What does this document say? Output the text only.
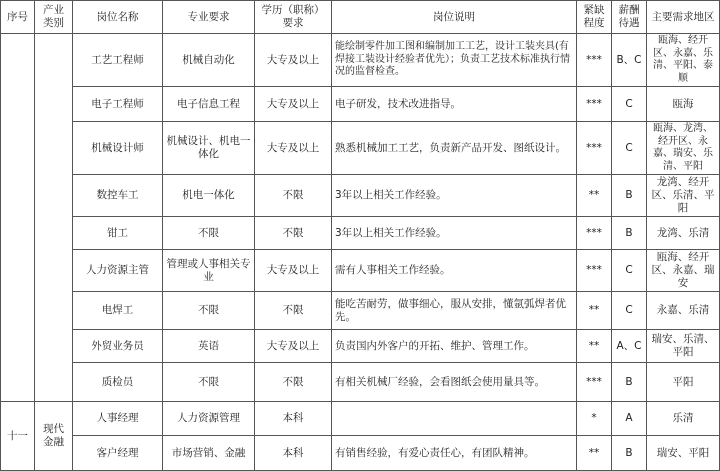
序号	产业类别	岗位名称	专业要求	学历（职称）要求	岗位说明	紧缺程度	薪酬待遇	主要需求地区
		工艺工程师	机械自动化	大专及以上	能绘制零件加工图和编制加工工艺，设计工装夹具(有焊接工装设计经验者优先）；负责工艺技术标准执行情况的监督检查。	***	B、C	瓯海、经开区、永嘉、乐清、平阳、泰顺
		电子工程师	电子信息工程	大专及以上	电子研发，技术改进指导。	***	C	瓯海
		机械设计师	机械设计、机电一体化	大专及以上	熟悉机械加工工艺，负责新产品开发、图纸设计。	***	C	瓯海、龙湾、经开区、永嘉、瑞安、乐清、平阳
		数控车工	机电一体化	不限	3年以上相关工作经验。	**	B	龙湾、经开区、乐清、平阳
		钳工	不限	不限	3年以上相关工作经验。	***	B	龙湾、乐清
		人力资源主管	管理或人事相关专业	大专及以上	需有人事相关工作经验。	***	C	瓯海、经开区、永嘉、瑞安
		电焊工	不限	不限	能吃苦耐劳，做事细心，服从安排，懂氩弧焊者优先。	**	C	永嘉、乐清
		外贸业务员	英语	大专及以上	负责国内外客户的开拓、维护、管理工作。	**	A、C	瑞安、乐清、平阳
		质检员	不限	不限	有相关机械厂经验，会看图纸会使用量具等。	***	B	平阳
十一	现代金融	人事经理	人力资源管理	本科		*	A	乐清
		客户经理	市场营销、金融	本科	有销售经验，有爱心责任心，有团队精神。	**	B	瑞安、平阳
